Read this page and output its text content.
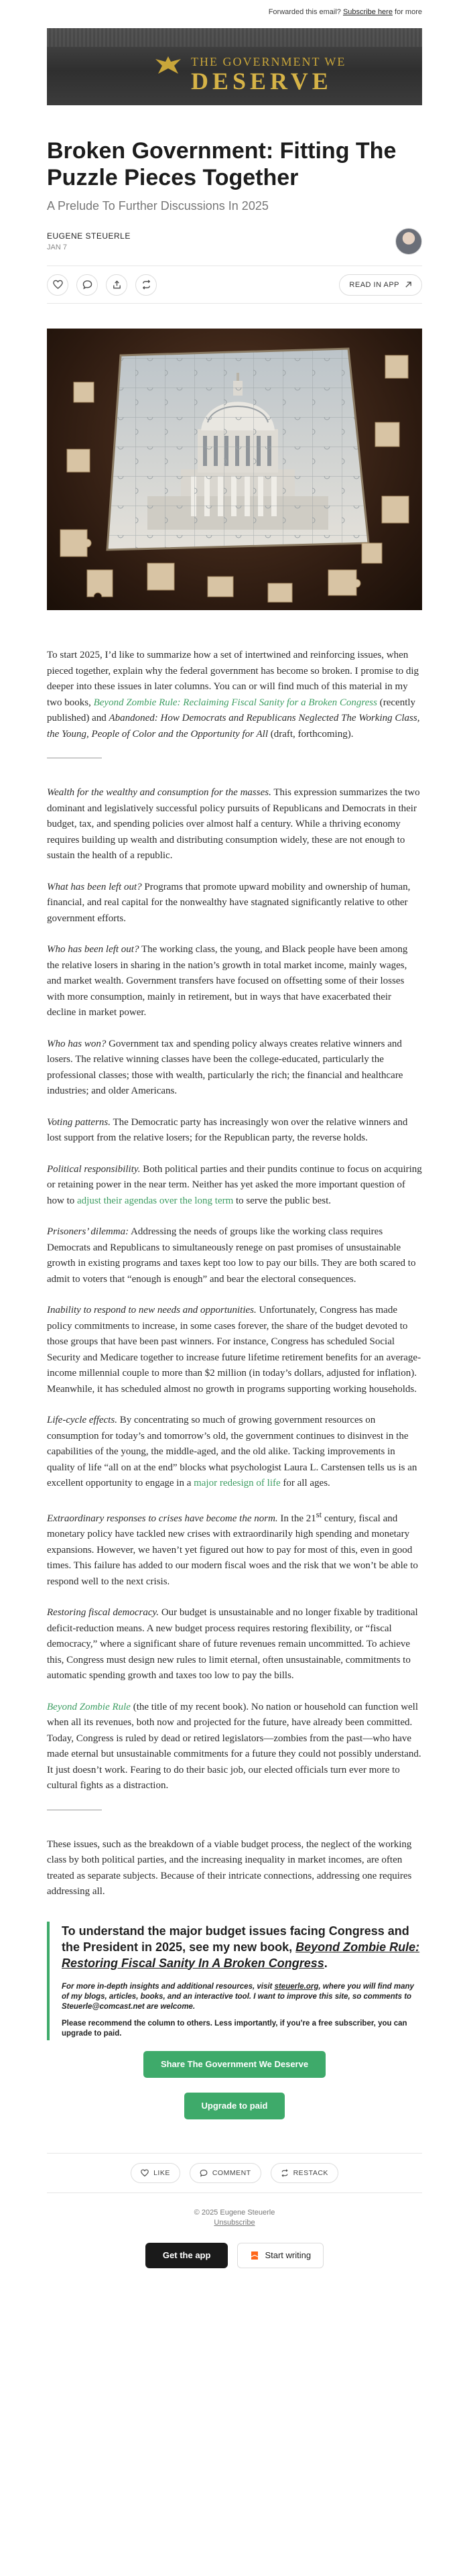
Forwarded this email? Subscribe here for more
THE GOVERNMENT WE
DESERVE
Broken Government: Fitting The Puzzle Pieces Together
A Prelude To Further Discussions In 2025
EUGENE STEUERLE
JAN 7
READ IN APP

To start 2025, I’d like to summarize how a set of intertwined and reinforcing issues, when pieced together, explain why the federal government has become so broken. I promise to dig deeper into these issues in later columns. You can or will find much of this material in my two books, Beyond Zombie Rule: Reclaiming Fiscal Sanity for a Broken Congress (recently published) and Abandoned: How Democrats and Republicans Neglected The Working Class, the Young, People of Color and the Opportunity for All (draft, forthcoming).

Wealth for the wealthy and consumption for the masses. This expression summarizes the two dominant and legislatively successful policy pursuits of Republicans and Democrats in their budget, tax, and spending policies over almost half a century. While a thriving economy requires building up wealth and distributing consumption widely, these are not enough to sustain the health of a republic.

What has been left out? Programs that promote upward mobility and ownership of human, financial, and real capital for the nonwealthy have stagnated significantly relative to other government efforts.

Who has been left out? The working class, the young, and Black people have been among the relative losers in sharing in the nation’s growth in total market income, mainly wages, and market wealth. Government transfers have focused on offsetting some of their losses with more consumption, mainly in retirement, but in ways that have exacerbated their decline in market power.

Who has won? Government tax and spending policy always creates relative winners and losers. The relative winning classes have been the college-educated, particularly the professional classes; those with wealth, particularly the rich; the financial and healthcare industries; and older Americans.

Voting patterns. The Democratic party has increasingly won over the relative winners and lost support from the relative losers; for the Republican party, the reverse holds.

Political responsibility. Both political parties and their pundits continue to focus on acquiring or retaining power in the near term. Neither has yet asked the more important question of how to adjust their agendas over the long term to serve the public best.

Prisoners’ dilemma: Addressing the needs of groups like the working class requires Democrats and Republicans to simultaneously renege on past promises of unsustainable growth in existing programs and taxes kept too low to pay our bills. They are both scared to admit to voters that “enough is enough” and bear the electoral consequences.

Inability to respond to new needs and opportunities. Unfortunately, Congress has made policy commitments to increase, in some cases forever, the share of the budget devoted to those groups that have been past winners. For instance, Congress has scheduled Social Security and Medicare together to increase future lifetime retirement benefits for an average-income millennial couple to more than $2 million (in today’s dollars, adjusted for inflation). Meanwhile, it has scheduled almost no growth in programs supporting working households.

Life-cycle effects. By concentrating so much of growing government resources on consumption for today’s and tomorrow’s old, the government continues to disinvest in the capabilities of the young, the middle-aged, and the old alike. Tacking improvements in quality of life “all on at the end” blocks what psychologist Laura L. Carstensen tells us is an excellent opportunity to engage in a major redesign of life for all ages.

Extraordinary responses to crises have become the norm. In the 21st century, fiscal and monetary policy have tackled new crises with extraordinarily high spending and monetary expansions. However, we haven’t yet figured out how to pay for most of this, even in good times. This failure has added to our modern fiscal woes and the risk that we won’t be able to respond well to the next crisis.

Restoring fiscal democracy. Our budget is unsustainable and no longer fixable by traditional deficit-reduction means. A new budget process requires restoring flexibility, or “fiscal democracy,” where a significant share of future revenues remain uncommitted. To achieve this, Congress must design new rules to limit eternal, often unsustainable, commitments to automatic spending growth and taxes too low to pay the bills.

Beyond Zombie Rule (the title of my recent book). No nation or household can function well when all its revenues, both now and projected for the future, have already been committed. Today, Congress is ruled by dead or retired legislators—zombies from the past—who have made eternal but unsustainable commitments for a future they could not possibly understand. It just doesn’t work. Fearing to do their basic job, our elected officials turn ever more to cultural fights as a distraction.

These issues, such as the breakdown of a viable budget process, the neglect of the working class by both political parties, and the increasing inequality in market incomes, are often treated as separate subjects. Because of their intricate connections, addressing one requires addressing all.

To understand the major budget issues facing Congress and the President in 2025, see my new book, Beyond Zombie Rule: Restoring Fiscal Sanity In A Broken Congress.
For more in-depth insights and additional resources, visit steuerle.org, where you will find many of my blogs, articles, books, and an interactive tool. I want to improve this site, so comments to Steuerle@comcast.net are welcome.
Please recommend the column to others. Less importantly, if you’re a free subscriber, you can upgrade to paid.
Share The Government We Deserve
Upgrade to paid
LIKE	COMMENT	RESTACK
© 2025 Eugene Steuerle
Unsubscribe
Get the app	Start writing
